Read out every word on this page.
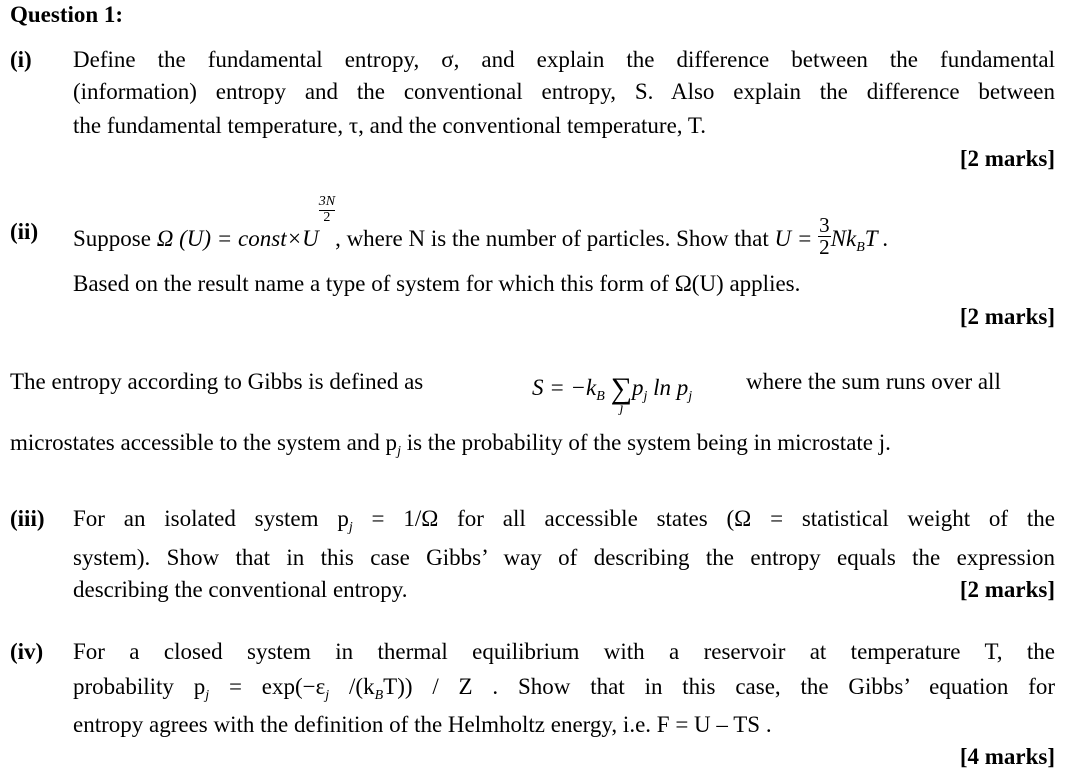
Question 1:
(i) Define the fundamental entropy, σ, and explain the difference between the fundamental
(information) entropy and the conventional entropy, S. Also explain the difference between
the fundamental temperature, τ, and the conventional temperature, T.
[2 marks]
(ii) Suppose Ω (U) = const×U
$\frac{3N}{2}$
, where N is the number of particles. Show that $U = \frac{3}{2} Nk_BT$ .
Based on the result name a type of system for which this form of Ω(U) applies.
[2 marks]
The entropy according to Gibbs is defined as	$S = -k_B$ ∑
j
$p_j$ $\ln p_j$
where the sum runs over all
microstates accessible to the system and $p_j$ is the probability of the system being in microstate j.
(iii) For an isolated system $p_j = 1/\Omega$ for all accessible states (Ω = statistical weight of the
system). Show that in this case Gibbs’ way of describing the entropy equals the expression
describing the conventional entropy.	[2 marks]
(iv) For a closed system in thermal equilibrium with a reservoir at temperature T, the
probability $p_j = \exp(-\varepsilon_j$ $/(k_BT)$) / Z . Show that in this case, the Gibbs’ equation for
entropy agrees with the definition of the Helmholtz energy, i.e. F = U – TS .
[4 marks]
